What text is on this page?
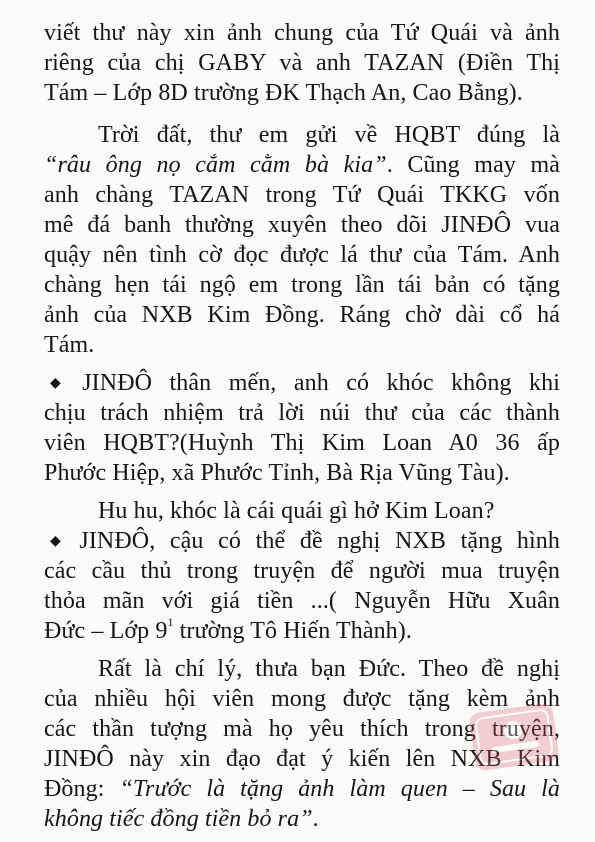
viết thư này xin ảnh chung của Tứ Quái và ảnh
riêng của chị GABY và anh TAZAN (Điền Thị
Tám – Lớp 8D trường ĐK Thạch An, Cao Bằng).
Trời đất, thư em gửi về HQBT đúng là
“râu ông nọ cắm cằm bà kia”. Cũng may mà
anh chàng TAZAN trong Tứ Quái TKKG vốn
mê đá banh thường xuyên theo dõi JINĐÔ vua
quậy nên tình cờ đọc được lá thư của Tám. Anh
chàng hẹn tái ngộ em trong lần tái bản có tặng
ảnh của NXB Kim Đồng. Ráng chờ dài cổ há
Tám.
◆ JINĐÔ thân mến, anh có khóc không khi
chịu trách nhiệm trả lời núi thư của các thành
viên HQBT?(Huỳnh Thị Kim Loan A0 36 ấp
Phước Hiệp, xã Phước Tỉnh, Bà Rịa Vũng Tàu).
Hu hu, khóc là cái quái gì hở Kim Loan?
◆ JINĐÔ, cậu có thể đề nghị NXB tặng hình
các cầu thủ trong truyện để người mua truyện
thỏa mãn với giá tiền ...( Nguyễn Hữu Xuân
Đức – Lớp $9^1$ trường Tô Hiến Thành).
Rất là chí lý, thưa bạn Đức. Theo đề nghị
của nhiều hội viên mong được tặng kèm ảnh
các thần tượng mà họ yêu thích trong truyện,
JINĐÔ này xin đạo đạt ý kiến lên NXB Kim
Đồng: “Trước là tặng ảnh làm quen – Sau là
không tiếc đồng tiền bỏ ra”.
